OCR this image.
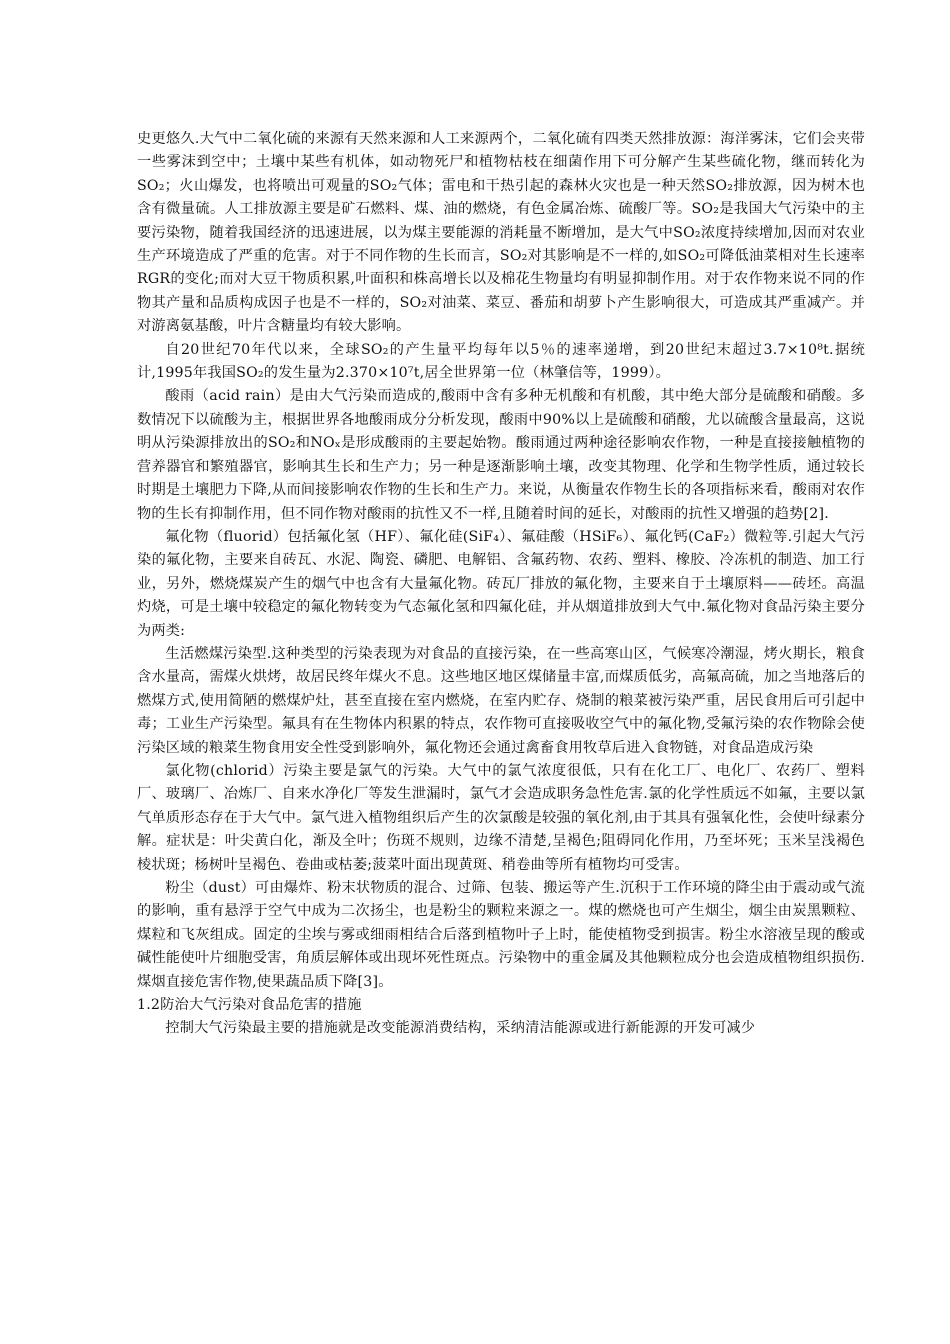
史更悠久.大气中二氧化硫的来源有天然来源和人工来源两个，二氧化硫有四类天然排放源：海洋雾沫，它们会夹带一些雾沫到空中；土壤中某些有机体，如动物死尸和植物枯枝在细菌作用下可分解产生某些硫化物，继而转化为SO₂；火山爆发，也将喷出可观量的SO₂气体；雷电和干热引起的森林火灾也是一种天然SO₂排放源，因为树木也含有微量硫。人工排放源主要是矿石燃料、煤、油的燃烧，有色金属冶炼、硫酸厂等。SO₂是我国大气污染中的主要污染物，随着我国经济的迅速进展，以为煤主要能源的消耗量不断增加，是大气中SO₂浓度持续增加,因而对农业生产环境造成了严重的危害。对于不同作物的生长而言，SO₂对其影响是不一样的,如SO₂可降低油菜相对生长速率RGR的变化;而对大豆干物质积累,叶面积和株高增长以及棉花生物量均有明显抑制作用。对于农作物来说不同的作物其产量和品质构成因子也是不一样的，SO₂对油菜、菜豆、番茄和胡萝卜产生影响很大，可造成其严重减产。并对游离氨基酸，叶片含糖量均有较大影响。

自20世纪70年代以来，全球SO₂的产生量平均每年以5％的速率递增，到20世纪末超过3.7×10⁸t.据统计,1995年我国SO₂的发生量为2.370×10⁷t,居全世界第一位（林肇信等，1999）。

酸雨（acid rain）是由大气污染而造成的,酸雨中含有多种无机酸和有机酸，其中绝大部分是硫酸和硝酸。多数情况下以硫酸为主，根据世界各地酸雨成分分析发现，酸雨中90%以上是硫酸和硝酸，尤以硫酸含量最高，这说明从污染源排放出的SO₂和NOₓ是形成酸雨的主要起始物。酸雨通过两种途径影响农作物，一种是直接接触植物的营养器官和繁殖器官，影响其生长和生产力；另一种是逐渐影响土壤，改变其物理、化学和生物学性质，通过较长时期是土壤肥力下降,从而间接影响农作物的生长和生产力。来说，从衡量农作物生长的各项指标来看，酸雨对农作物的生长有抑制作用，但不同作物对酸雨的抗性又不一样,且随着时间的延长，对酸雨的抗性又增强的趋势[2].

氟化物（fluorid）包括氟化氢（HF）、氟化硅(SiF₄）、氟硅酸（HSiF₆）、氟化钙(CaF₂）微粒等.引起大气污染的氟化物，主要来自砖瓦、水泥、陶瓷、磷肥、电解铝、含氟药物、农药、塑料、橡胶、冷冻机的制造、加工行业，另外，燃烧煤炭产生的烟气中也含有大量氟化物。砖瓦厂排放的氟化物，主要来自于土壤原料——砖坯。高温灼烧，可是土壤中较稳定的氟化物转变为气态氟化氢和四氟化硅，并从烟道排放到大气中.氟化物对食品污染主要分为两类:

生活燃煤污染型.这种类型的污染表现为对食品的直接污染，在一些高寒山区，气候寒冷潮湿，烤火期长，粮食含水量高，需煤火烘烤，故居民终年煤火不息。这些地区地区煤储量丰富,而煤质低劣，高氟高硫，加之当地落后的燃煤方式,使用简陋的燃煤炉灶，甚至直接在室内燃烧，在室内贮存、烧制的粮菜被污染严重，居民食用后可引起中毒；工业生产污染型。氟具有在生物体内积累的特点，农作物可直接吸收空气中的氟化物,受氟污染的农作物除会使污染区域的粮菜生物食用安全性受到影响外，氟化物还会通过禽畜食用牧草后进入食物链，对食品造成污染

氯化物(chlorid）污染主要是氯气的污染。大气中的氯气浓度很低，只有在化工厂、电化厂、农药厂、塑料厂、玻璃厂、冶炼厂、自来水净化厂等发生泄漏时，氯气才会造成职务急性危害.氯的化学性质远不如氟，主要以氯气单质形态存在于大气中。氯气进入植物组织后产生的次氯酸是较强的氧化剂,由于其具有强氧化性，会使叶绿素分解。症状是：叶尖黄白化，渐及全叶；伤斑不规则，边缘不清楚,呈褐色;阻碍同化作用，乃至坏死；玉米呈浅褐色棱状斑；杨树叶呈褐色、卷曲或枯萎;菠菜叶面出现黄斑、稍卷曲等所有植物均可受害。

粉尘（dust）可由爆炸、粉末状物质的混合、过筛、包装、搬运等产生.沉积于工作环境的降尘由于震动或气流的影响，重有悬浮于空气中成为二次扬尘，也是粉尘的颗粒来源之一。煤的燃烧也可产生烟尘，烟尘由炭黑颗粒、煤粒和飞灰组成。固定的尘埃与雾或细雨相结合后落到植物叶子上时，能使植物受到损害。粉尘水溶液呈现的酸或碱性能使叶片细胞受害，角质层解体或出现坏死性斑点。污染物中的重金属及其他颗粒成分也会造成植物组织损伤.煤烟直接危害作物,使果蔬品质下降[3]。

1.2防治大气污染对食品危害的措施

控制大气污染最主要的措施就是改变能源消费结构，采纳清洁能源或进行新能源的开发可减少
